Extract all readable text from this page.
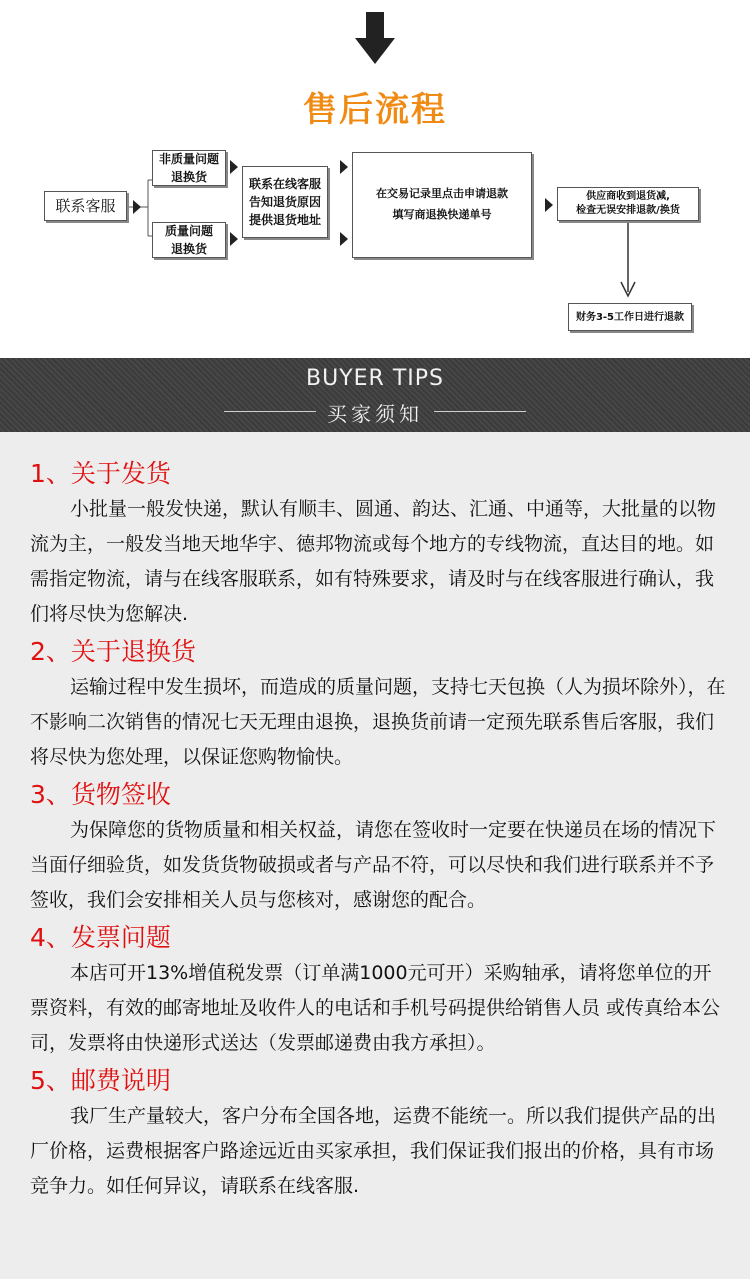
售后流程
联系客服
非质量问题
退换货
质量问题
退换货
联系在线客服
告知退货原因
提供退货地址
在交易记录里点击申请退款
填写商退换快递单号
供应商收到退货减,
检查无误安排退款/换货
财务3-5工作日进行退款
BUYER TIPS
买家须知
1、关于发货

小批量一般发快递，默认有顺丰、圆通、韵达、汇通、中通等，大批量的以物流为主，一般发当地天地华宇、德邦物流或每个地方的专线物流，直达目的地。如需指定物流，请与在线客服联系，如有特殊要求，请及时与在线客服进行确认，我们将尽快为您解决.

2、关于退换货

运输过程中发生损坏，而造成的质量问题，支持七天包换（人为损坏除外），在不影响二次销售的情况七天无理由退换，退换货前请一定预先联系售后客服，我们将尽快为您处理，以保证您购物愉快。

3、货物签收

为保障您的货物质量和相关权益，请您在签收时一定要在快递员在场的情况下当面仔细验货，如发货货物破损或者与产品不符，可以尽快和我们进行联系并不予签收，我们会安排相关人员与您核对，感谢您的配合。

4、发票问题

本店可开13%增值税发票（订单满1000元可开）采购轴承，请将您单位的开票资料，有效的邮寄地址及收件人的电话和手机号码提供给销售人员 或传真给本公司，发票将由快递形式送达（发票邮递费由我方承担）。

5、邮费说明

我厂生产量较大，客户分布全国各地，运费不能统一。所以我们提供产品的出厂价格，运费根据客户路途远近由买家承担，我们保证我们报出的价格，具有市场竞争力。如任何异议，请联系在线客服.
